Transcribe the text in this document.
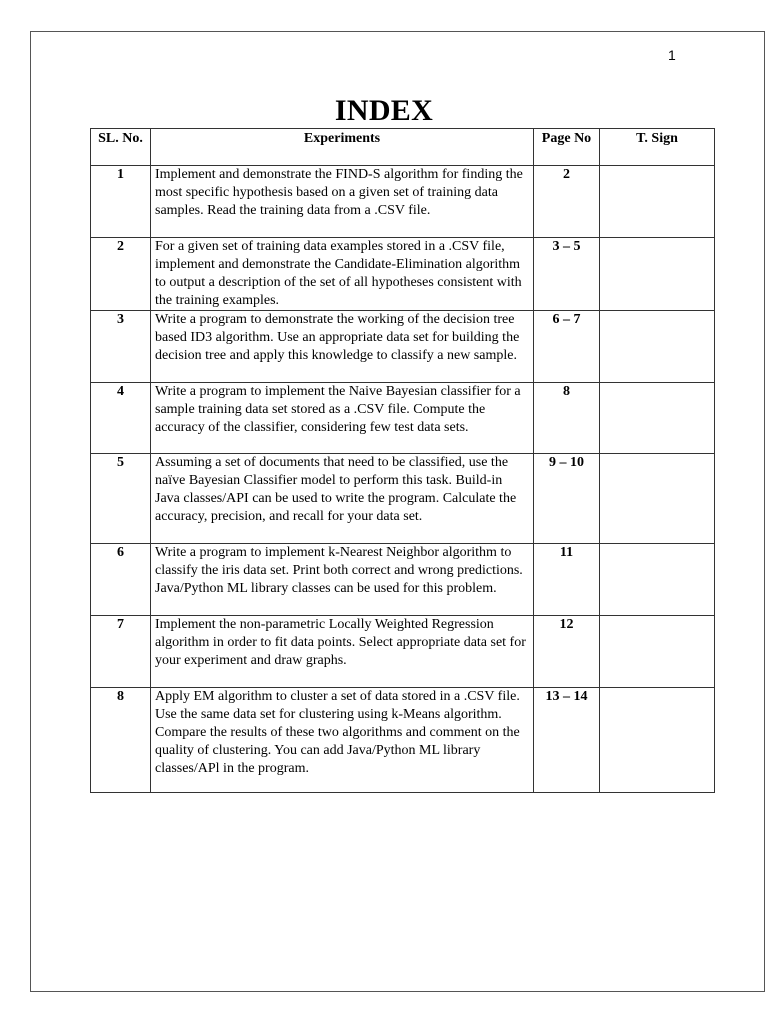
1
INDEX
SL. No.	Experiments	Page No	T. Sign
1	Implement and demonstrate the FIND-S algorithm for finding the most specific hypothesis based on a given set of training data samples. Read the training data from a .CSV file.	2	
2	For a given set of training data examples stored in a .CSV file, implement and demonstrate the Candidate-Elimination algorithm to output a description of the set of all hypotheses consistent with the training examples.	3 – 5	
3	Write a program to demonstrate the working of the decision tree based ID3 algorithm. Use an appropriate data set for building the decision tree and apply this knowledge to classify a new sample.	6 – 7	
4	Write a program to implement the Naive Bayesian classifier for a sample training data set stored as a .CSV file. Compute the accuracy of the classifier, considering few test data sets.	8	
5	Assuming a set of documents that need to be classified, use the naïve Bayesian Classifier model to perform this task. Build-in Java classes/API can be used to write the program. Calculate the accuracy, precision, and recall for your data set.	9 – 10	
6	Write a program to implement k-Nearest Neighbor algorithm to classify the iris data set. Print both correct and wrong predictions. Java/Python ML library classes can be used for this problem.	11	
7	Implement the non-parametric Locally Weighted Regression algorithm in order to fit data points. Select appropriate data set for your experiment and draw graphs.	12	
8	Apply EM algorithm to cluster a set of data stored in a .CSV file. Use the same data set for clustering using k-Means algorithm. Compare the results of these two algorithms and comment on the quality of clustering. You can add Java/Python ML library classes/APl in the program.	13 – 14	
